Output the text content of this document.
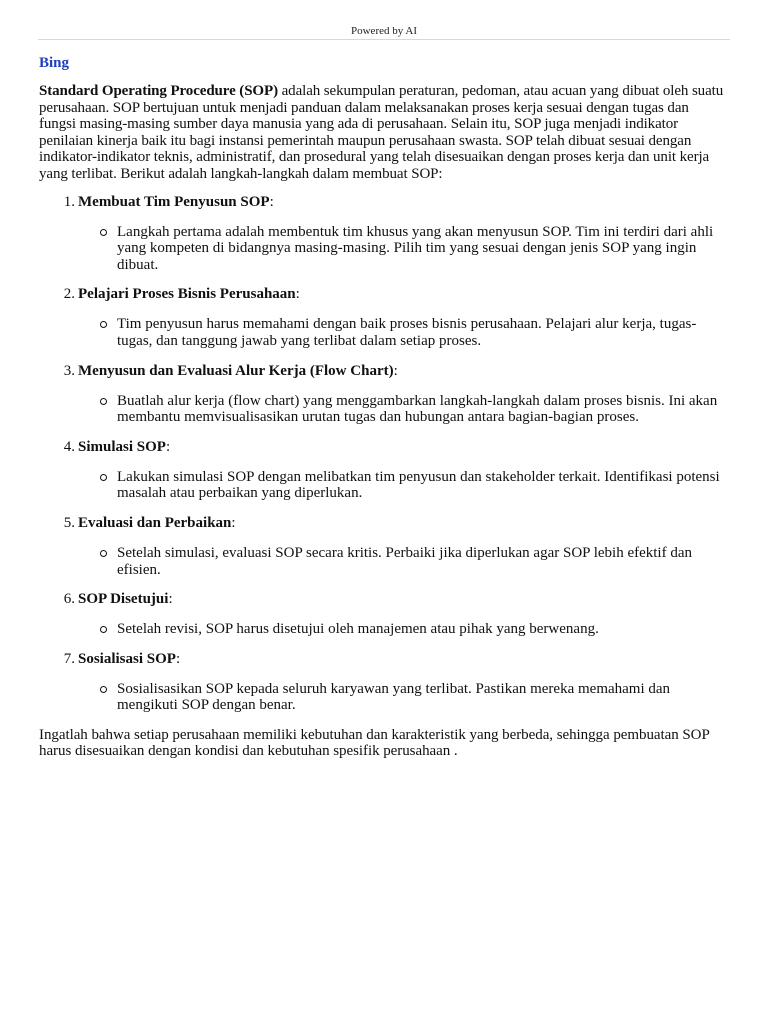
Powered by AI
Bing

Standard Operating Procedure (SOP) adalah sekumpulan peraturan, pedoman, atau acuan yang dibuat oleh suatu perusahaan. SOP bertujuan untuk menjadi panduan dalam melaksanakan proses kerja sesuai dengan tugas dan fungsi masing-masing sumber daya manusia yang ada di perusahaan. Selain itu, SOP juga menjadi indikator penilaian kinerja baik itu bagi instansi pemerintah maupun perusahaan swasta. SOP telah dibuat sesuai dengan indikator-indikator teknis, administratif, dan prosedural yang telah disesuaikan dengan proses kerja dan unit kerja yang terlibat. Berikut adalah langkah-langkah dalam membuat SOP:

1. Membuat Tim Penyusun SOP:
Langkah pertama adalah membentuk tim khusus yang akan menyusun SOP. Tim ini terdiri dari ahli yang kompeten di bidangnya masing-masing. Pilih tim yang sesuai dengan jenis SOP yang ingin dibuat.
2. Pelajari Proses Bisnis Perusahaan:
Tim penyusun harus memahami dengan baik proses bisnis perusahaan. Pelajari alur kerja, tugas-tugas, dan tanggung jawab yang terlibat dalam setiap proses.
3. Menyusun dan Evaluasi Alur Kerja (Flow Chart):
Buatlah alur kerja (flow chart) yang menggambarkan langkah-langkah dalam proses bisnis. Ini akan membantu memvisualisasikan urutan tugas dan hubungan antara bagian-bagian proses.
4. Simulasi SOP:
Lakukan simulasi SOP dengan melibatkan tim penyusun dan stakeholder terkait. Identifikasi potensi masalah atau perbaikan yang diperlukan.
5. Evaluasi dan Perbaikan:
Setelah simulasi, evaluasi SOP secara kritis. Perbaiki jika diperlukan agar SOP lebih efektif dan efisien.
6. SOP Disetujui:
Setelah revisi, SOP harus disetujui oleh manajemen atau pihak yang berwenang.
7. Sosialisasi SOP:
Sosialisasikan SOP kepada seluruh karyawan yang terlibat. Pastikan mereka memahami dan mengikuti SOP dengan benar.

Ingatlah bahwa setiap perusahaan memiliki kebutuhan dan karakteristik yang berbeda, sehingga pembuatan SOP harus disesuaikan dengan kondisi dan kebutuhan spesifik perusahaan .
